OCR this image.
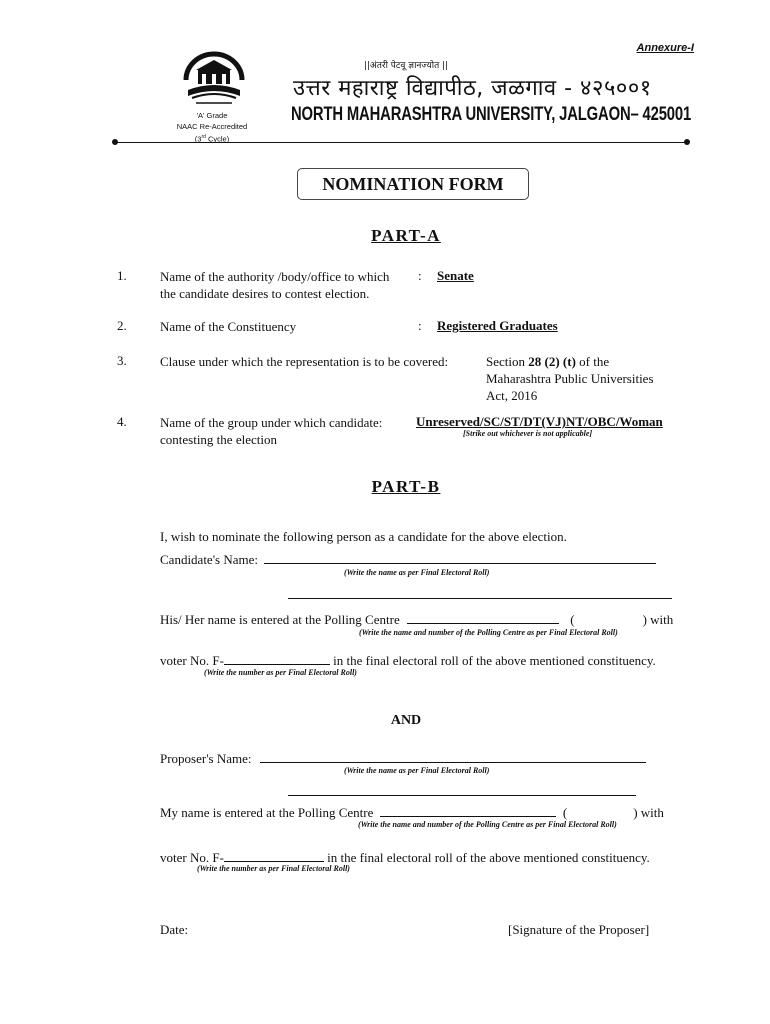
Annexure-I
||अंतरी पेटवू ज्ञानज्योत ||
'A' Grade
NAAC Re-Accredited
(3rd Cycle)
उत्तर महाराष्ट्र विद्यापीठ, जळगाव - ४२५००१
NORTH MAHARASHTRA UNIVERSITY, JALGAON– 425001
NOMINATION FORM
PART-A
1.	Name of the authority /body/office to which
the candidate desires to contest election.
: Senate
2.	Name of the Constituency	: Registered Graduates
3.	Clause under which the representation is to be covered:	Section 28 (2) (t) of the
Maharashtra Public Universities
Act, 2016
4.	Name of the group under which candidate:
contesting the election
Unreserved/SC/ST/DT(VJ)NT/OBC/Woman
[Strike out whichever is not applicable]
PART-B
I, wish to nominate the following person as a candidate for the above election.
Candidate's Name:
(Write the name as per Final Electoral Roll)
His/ Her name is entered at the Polling Centre	(	) with
(Write the name and number of the Polling Centre as per Final Electoral Roll)
voter No. F-	in the final electoral roll of the above mentioned constituency.
(Write the number as per Final Electoral Roll)
AND
Proposer's Name:
(Write the name as per Final Electoral Roll)
My name is entered at the Polling Centre	(	) with
(Write the name and number of the Polling Centre as per Final Electoral Roll)
voter No. F-	in the final electoral roll of the above mentioned constituency.
(Write the number as per Final Electoral Roll)
Date:	[Signature of the Proposer]
